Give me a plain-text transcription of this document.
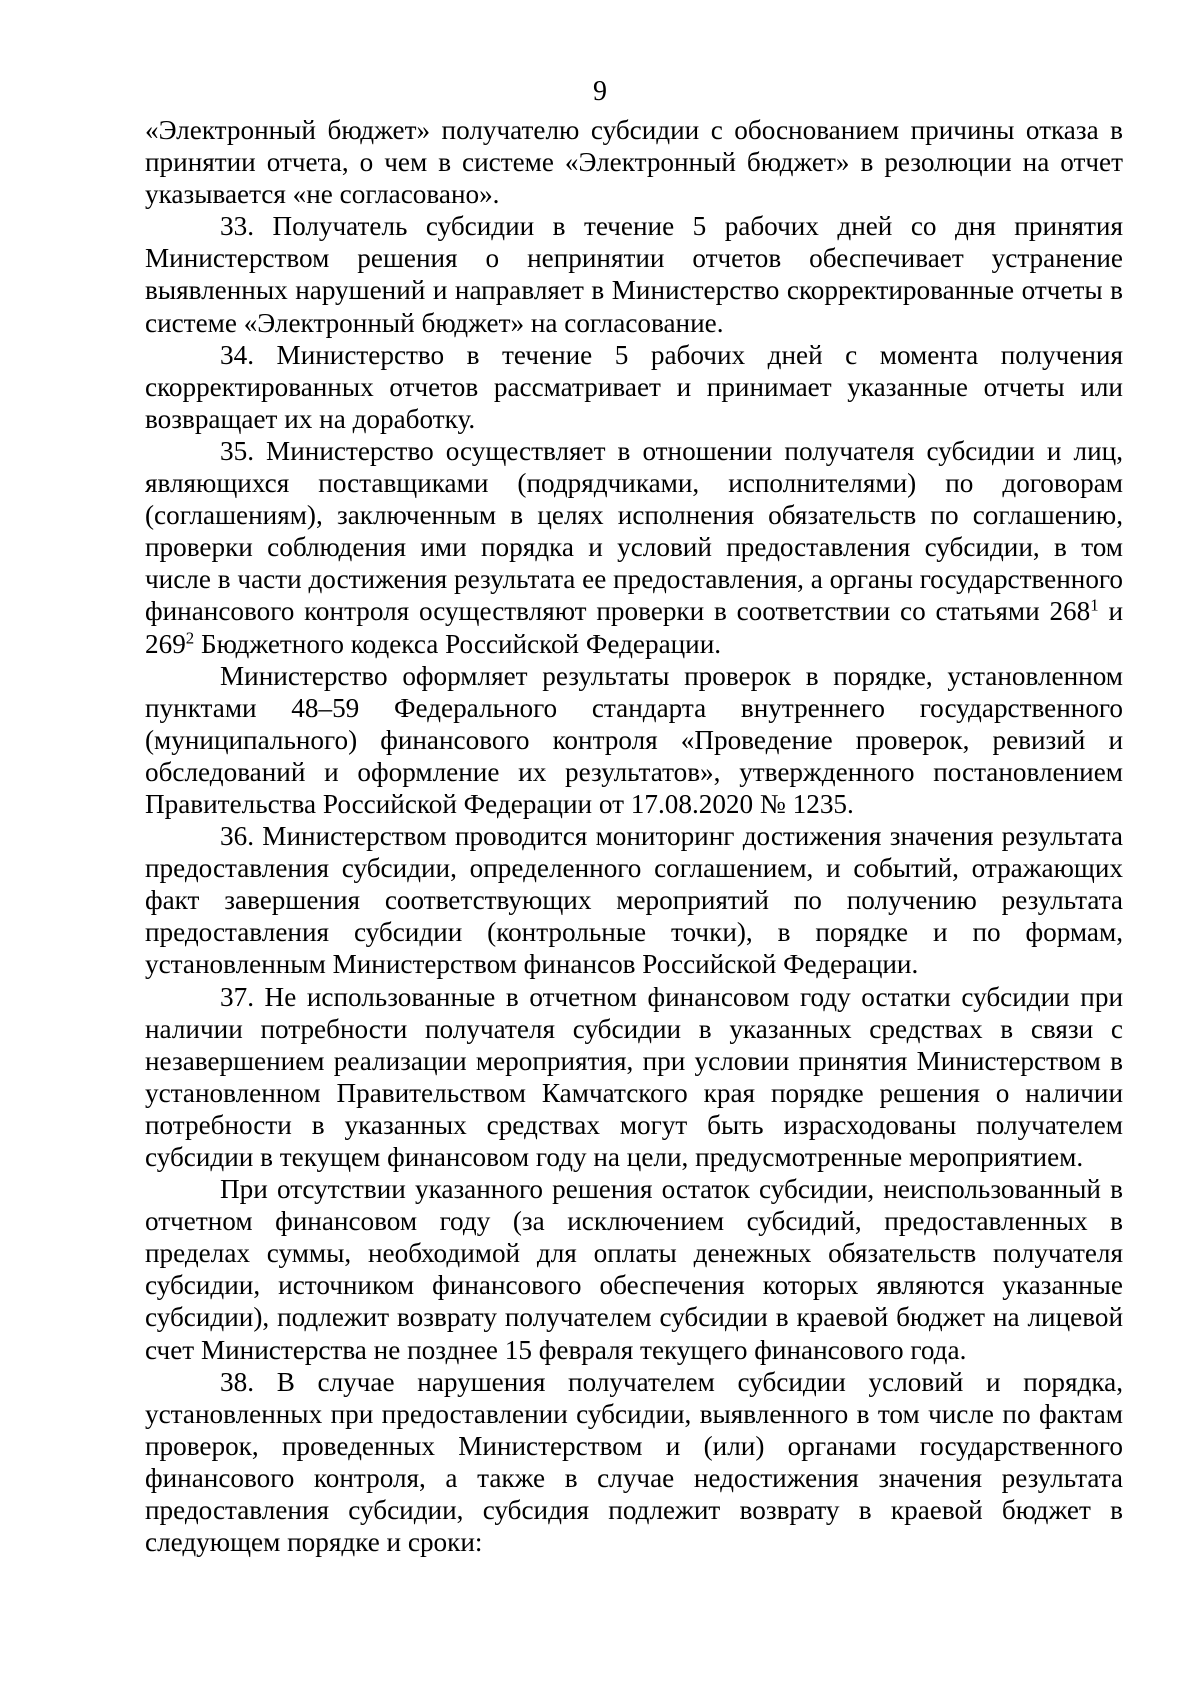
9

«Электронный бюджет» получателю субсидии с обоснованием причины отказа в принятии отчета, о чем в системе «Электронный бюджет» в резолюции на отчет указывается «не согласовано».

33. Получатель субсидии в течение 5 рабочих дней со дня принятия Министерством решения о непринятии отчетов обеспечивает устранение выявленных нарушений и направляет в Министерство скорректированные отчеты в системе «Электронный бюджет» на согласование.

34. Министерство в течение 5 рабочих дней с момента получения скорректированных отчетов рассматривает и принимает указанные отчеты или возвращает их на доработку.

35. Министерство осуществляет в отношении получателя субсидии и лиц, являющихся поставщиками (подрядчиками, исполнителями) по договорам (соглашениям), заключенным в целях исполнения обязательств по соглашению, проверки соблюдения ими порядка и условий предоставления субсидии, в том числе в части достижения результата ее предоставления, а органы государственного финансового контроля осуществляют проверки в соответствии со статьями $268^1$ и $269^2$ Бюджетного кодекса Российской Федерации.

Министерство оформляет результаты проверок в порядке, установленном пунктами 48–59 Федерального стандарта внутреннего государственного (муниципального) финансового контроля «Проведение проверок, ревизий и обследований и оформление их результатов», утвержденного постановлением Правительства Российской Федерации от 17.08.2020 № 1235.

36. Министерством проводится мониторинг достижения значения результата предоставления субсидии, определенного соглашением, и событий, отражающих факт завершения соответствующих мероприятий по получению результата предоставления субсидии (контрольные точки), в порядке и по формам, установленным Министерством финансов Российской Федерации.

37. Не использованные в отчетном финансовом году остатки субсидии при наличии потребности получателя субсидии в указанных средствах в связи с незавершением реализации мероприятия, при условии принятия Министерством в установленном Правительством Камчатского края порядке решения о наличии потребности в указанных средствах могут быть израсходованы получателем субсидии в текущем финансовом году на цели, предусмотренные мероприятием.

При отсутствии указанного решения остаток субсидии, неиспользованный в отчетном финансовом году (за исключением субсидий, предоставленных в пределах суммы, необходимой для оплаты денежных обязательств получателя субсидии, источником финансового обеспечения которых являются указанные субсидии), подлежит возврату получателем субсидии в краевой бюджет на лицевой счет Министерства не позднее 15 февраля текущего финансового года.

38. В случае нарушения получателем субсидии условий и порядка, установленных при предоставлении субсидии, выявленного в том числе по фактам проверок, проведенных Министерством и (или) органами государственного финансового контроля, а также в случае недостижения значения результата предоставления субсидии, субсидия подлежит возврату в краевой бюджет в следующем порядке и сроки:
